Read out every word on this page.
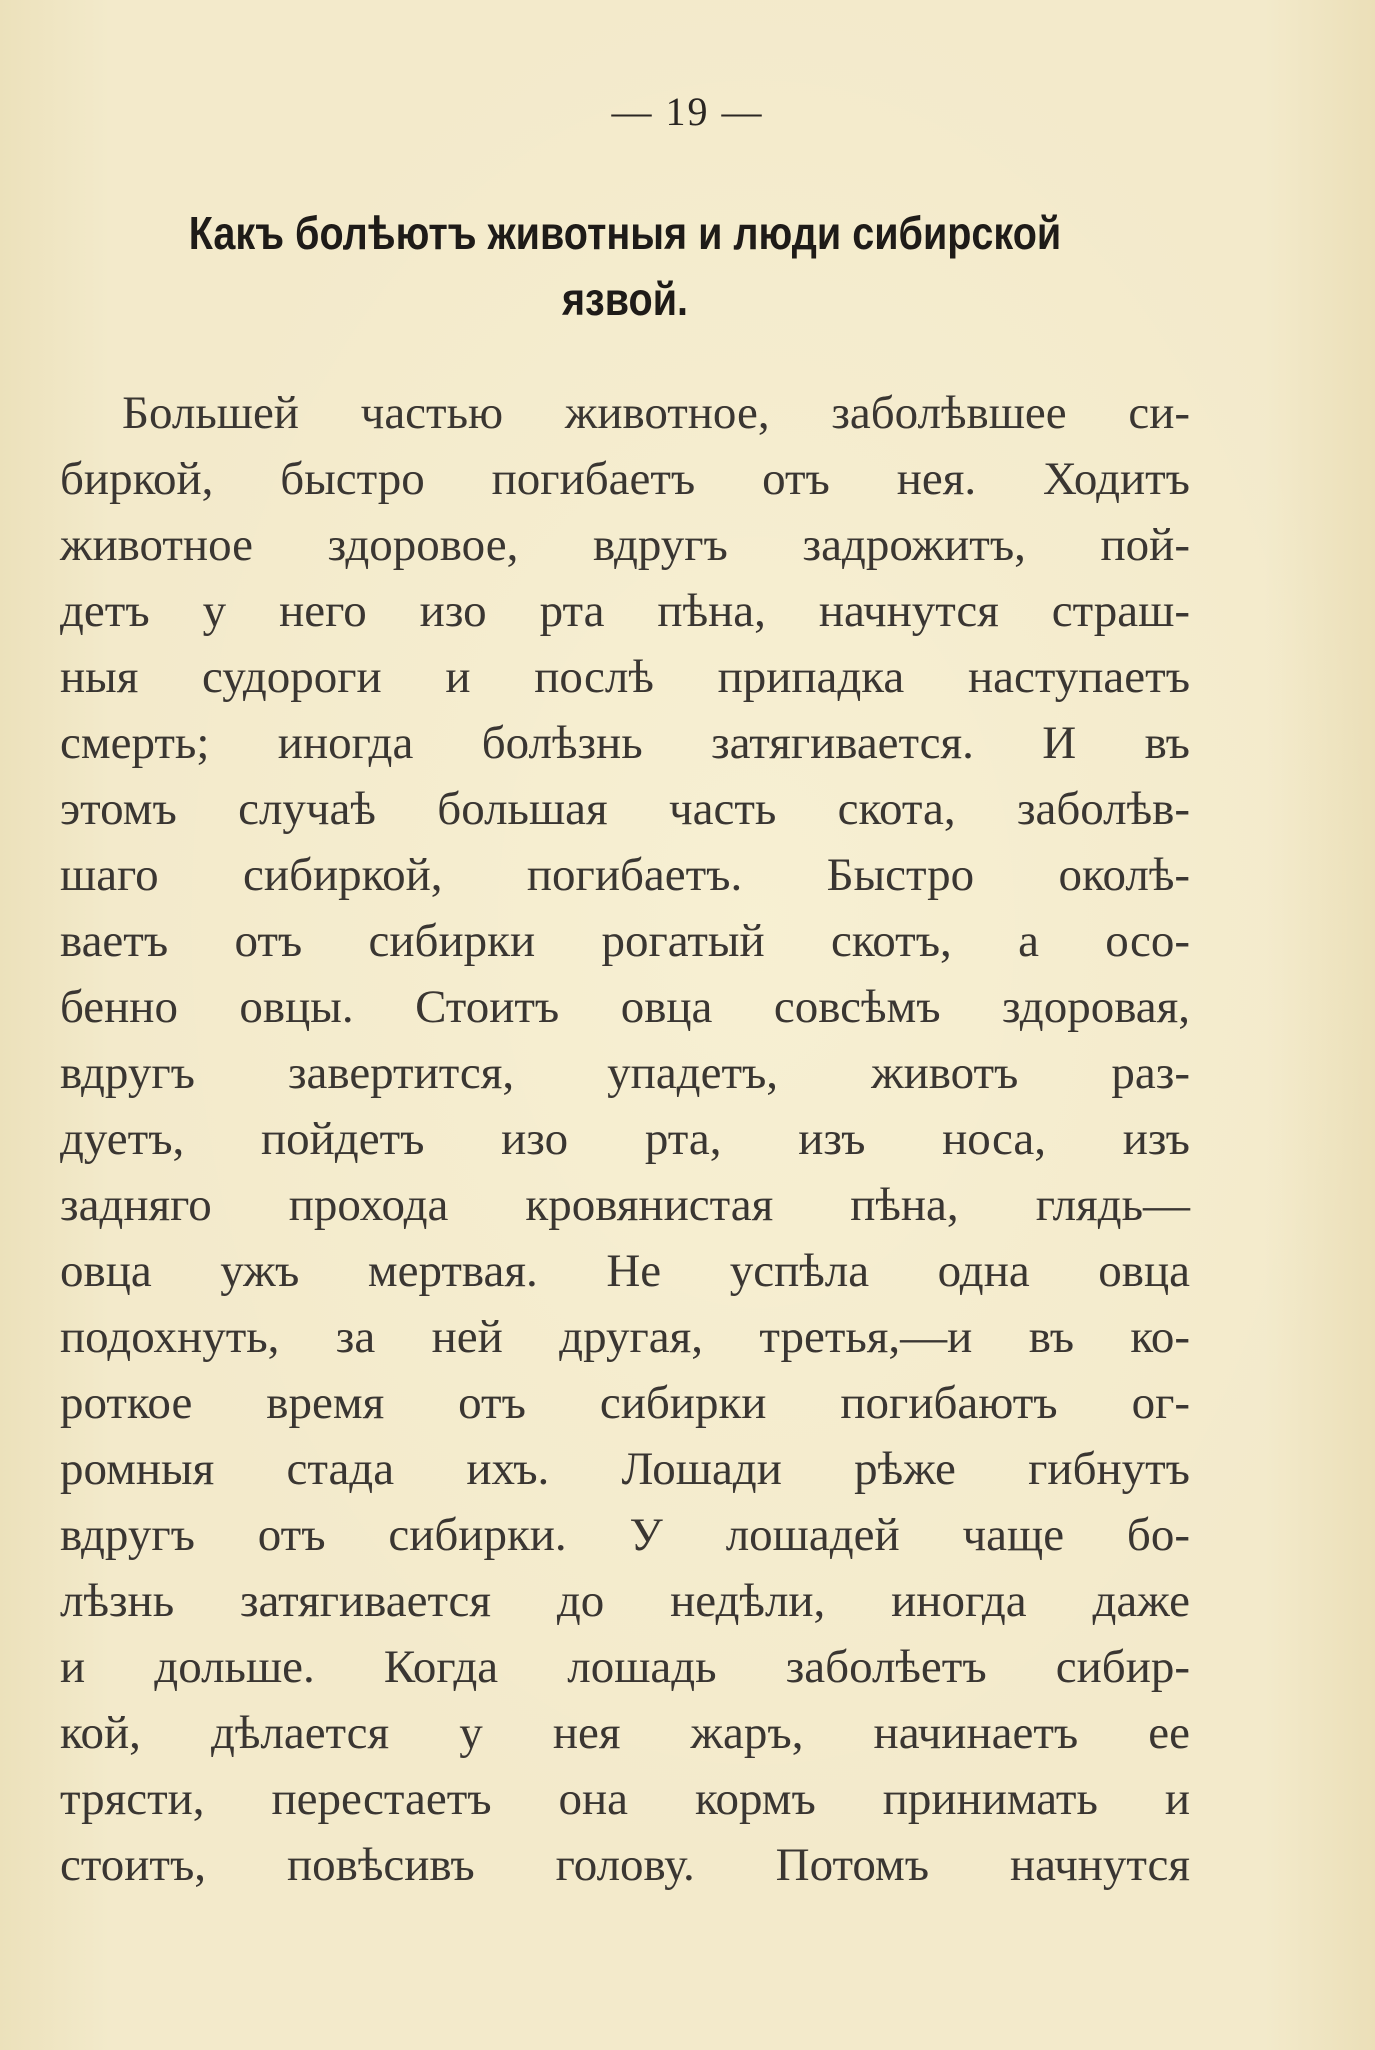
— 19 —
Какъ болѣютъ животныя и люди сибирской
язвой.
Большей частью животное, заболѣвшее си-
биркой, быстро погибаетъ отъ нея. Ходитъ
животное здоровое, вдругъ задрожитъ, пой-
детъ у него изо рта пѣна, начнутся страш-
ныя судороги и послѣ припадка наступаетъ
смерть; иногда болѣзнь затягивается. И въ
этомъ случаѣ большая часть скота, заболѣв-
шаго сибиркой, погибаетъ. Быстро околѣ-
ваетъ отъ сибирки рогатый скотъ, а осо-
бенно овцы. Стоитъ овца совсѣмъ здоровая,
вдругъ завертится, упадетъ, животъ раз-
дуетъ, пойдетъ изо рта, изъ носа, изъ
задняго прохода кровянистая пѣна, глядь—
овца ужъ мертвая. Не успѣла одна овца
подохнуть, за ней другая, третья,—и въ ко-
роткое время отъ сибирки погибаютъ ог-
ромныя стада ихъ. Лошади рѣже гибнутъ
вдругъ отъ сибирки. У лошадей чаще бо-
лѣзнь затягивается до недѣли, иногда даже
и дольше. Когда лошадь заболѣетъ сибир-
кой, дѣлается у нея жаръ, начинаетъ ее
трясти, перестаетъ она кормъ принимать и
стоитъ, повѣсивъ голову. Потомъ начнутся
